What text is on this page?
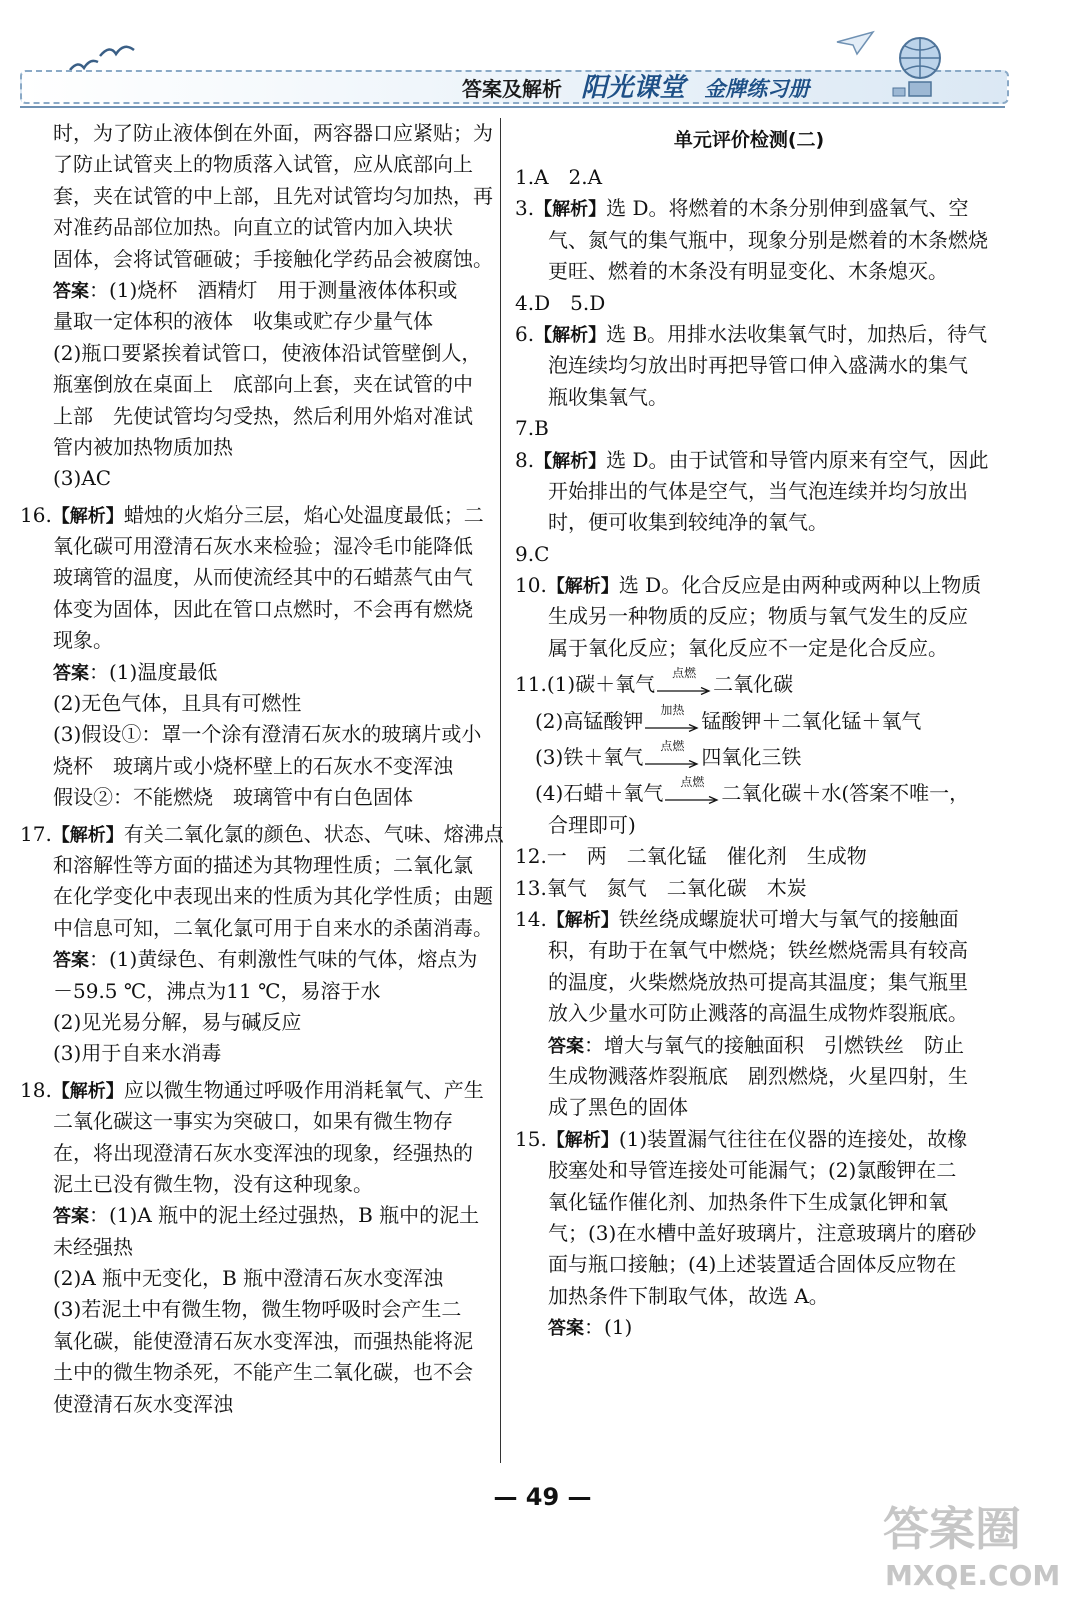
答案及解析 阳光课堂 金牌练习册
时，为了防止液体倒在外面，两容器口应紧贴；为
了防止试管夹上的物质落入试管，应从底部向上
套，夹在试管的中上部，且先对试管均匀加热，再
对准药品部位加热。向直立的试管内加入块状
固体，会将试管砸破；手接触化学药品会被腐蚀。
答案：(1)烧杯　酒精灯　用于测量液体体积或
量取一定体积的液体　收集或贮存少量气体
(2)瓶口要紧挨着试管口，使液体沿试管壁倒人，
瓶塞倒放在桌面上　底部向上套，夹在试管的中
上部　先使试管均匀受热，然后利用外焰对准试
管内被加热物质加热
(3)AC
16.【解析】蜡烛的火焰分三层，焰心处温度最低；二
氧化碳可用澄清石灰水来检验；湿冷毛巾能降低
玻璃管的温度，从而使流经其中的石蜡蒸气由气
体变为固体，因此在管口点燃时，不会再有燃烧
现象。
答案：(1)温度最低
(2)无色气体，且具有可燃性
(3)假设①：罩一个涂有澄清石灰水的玻璃片或小
烧杯　玻璃片或小烧杯壁上的石灰水不变浑浊
假设②：不能燃烧　玻璃管中有白色固体
17.【解析】有关二氧化氯的颜色、状态、气味、熔沸点
和溶解性等方面的描述为其物理性质；二氧化氯
在化学变化中表现出来的性质为其化学性质；由题
中信息可知，二氧化氯可用于自来水的杀菌消毒。
答案：(1)黄绿色、有刺激性气味的气体，熔点为
－59.5 ℃，沸点为11 ℃，易溶于水
(2)见光易分解，易与碱反应
(3)用于自来水消毒
18.【解析】应以微生物通过呼吸作用消耗氧气、产生
二氧化碳这一事实为突破口，如果有微生物存
在，将出现澄清石灰水变浑浊的现象，经强热的
泥土已没有微生物，没有这种现象。
答案：(1)A 瓶中的泥土经过强热，B 瓶中的泥土
未经强热
(2)A 瓶中无变化，B 瓶中澄清石灰水变浑浊
(3)若泥土中有微生物，微生物呼吸时会产生二
氧化碳，能使澄清石灰水变浑浊，而强热能将泥
土中的微生物杀死，不能产生二氧化碳，也不会
使澄清石灰水变浑浊
单元评价检测(二)
1.A　2.A
3.【解析】选 D。将燃着的木条分别伸到盛氧气、空
气、氮气的集气瓶中，现象分别是燃着的木条燃烧
更旺、燃着的木条没有明显变化、木条熄灭。
4.D　5.D
6.【解析】选 B。用排水法收集氧气时，加热后，待气
泡连续均匀放出时再把导管口伸入盛满水的集气
瓶收集氧气。
7.B
8.【解析】选 D。由于试管和导管内原来有空气，因此
开始排出的气体是空气，当气泡连续并均匀放出
时，便可收集到较纯净的氧气。
9.C
10.【解析】选 D。化合反应是由两种或两种以上物质
生成另一种物质的反应；物质与氧气发生的反应
属于氧化反应；氧化反应不一定是化合反应。
11.(1)碳＋氧气	点燃 二氧化碳
(2)高锰酸钾	加热 锰酸钾＋二氧化锰＋氧气
(3)铁＋氧气	点燃 四氧化三铁
(4)石蜡＋氧气	点燃 二氧化碳＋水(答案不唯一，
合理即可)
12.一　两　二氧化锰　催化剂　生成物
13.氧气　氮气　二氧化碳　木炭
14.【解析】铁丝绕成螺旋状可增大与氧气的接触面
积，有助于在氧气中燃烧；铁丝燃烧需具有较高
的温度，火柴燃烧放热可提高其温度；集气瓶里
放入少量水可防止溅落的高温生成物炸裂瓶底。
答案：增大与氧气的接触面积　引燃铁丝　防止
生成物溅落炸裂瓶底　剧烈燃烧，火星四射，生
成了黑色的固体
15.【解析】(1)装置漏气往往在仪器的连接处，故橡
胶塞处和导管连接处可能漏气；(2)氯酸钾在二
氧化锰作催化剂、加热条件下生成氯化钾和氧
气；(3)在水槽中盖好玻璃片，注意玻璃片的磨砂
面与瓶口接触；(4)上述装置适合固体反应物在
加热条件下制取气体，故选 A。
答案：(1)
— 49 —
答案圈
MXQE.COM
